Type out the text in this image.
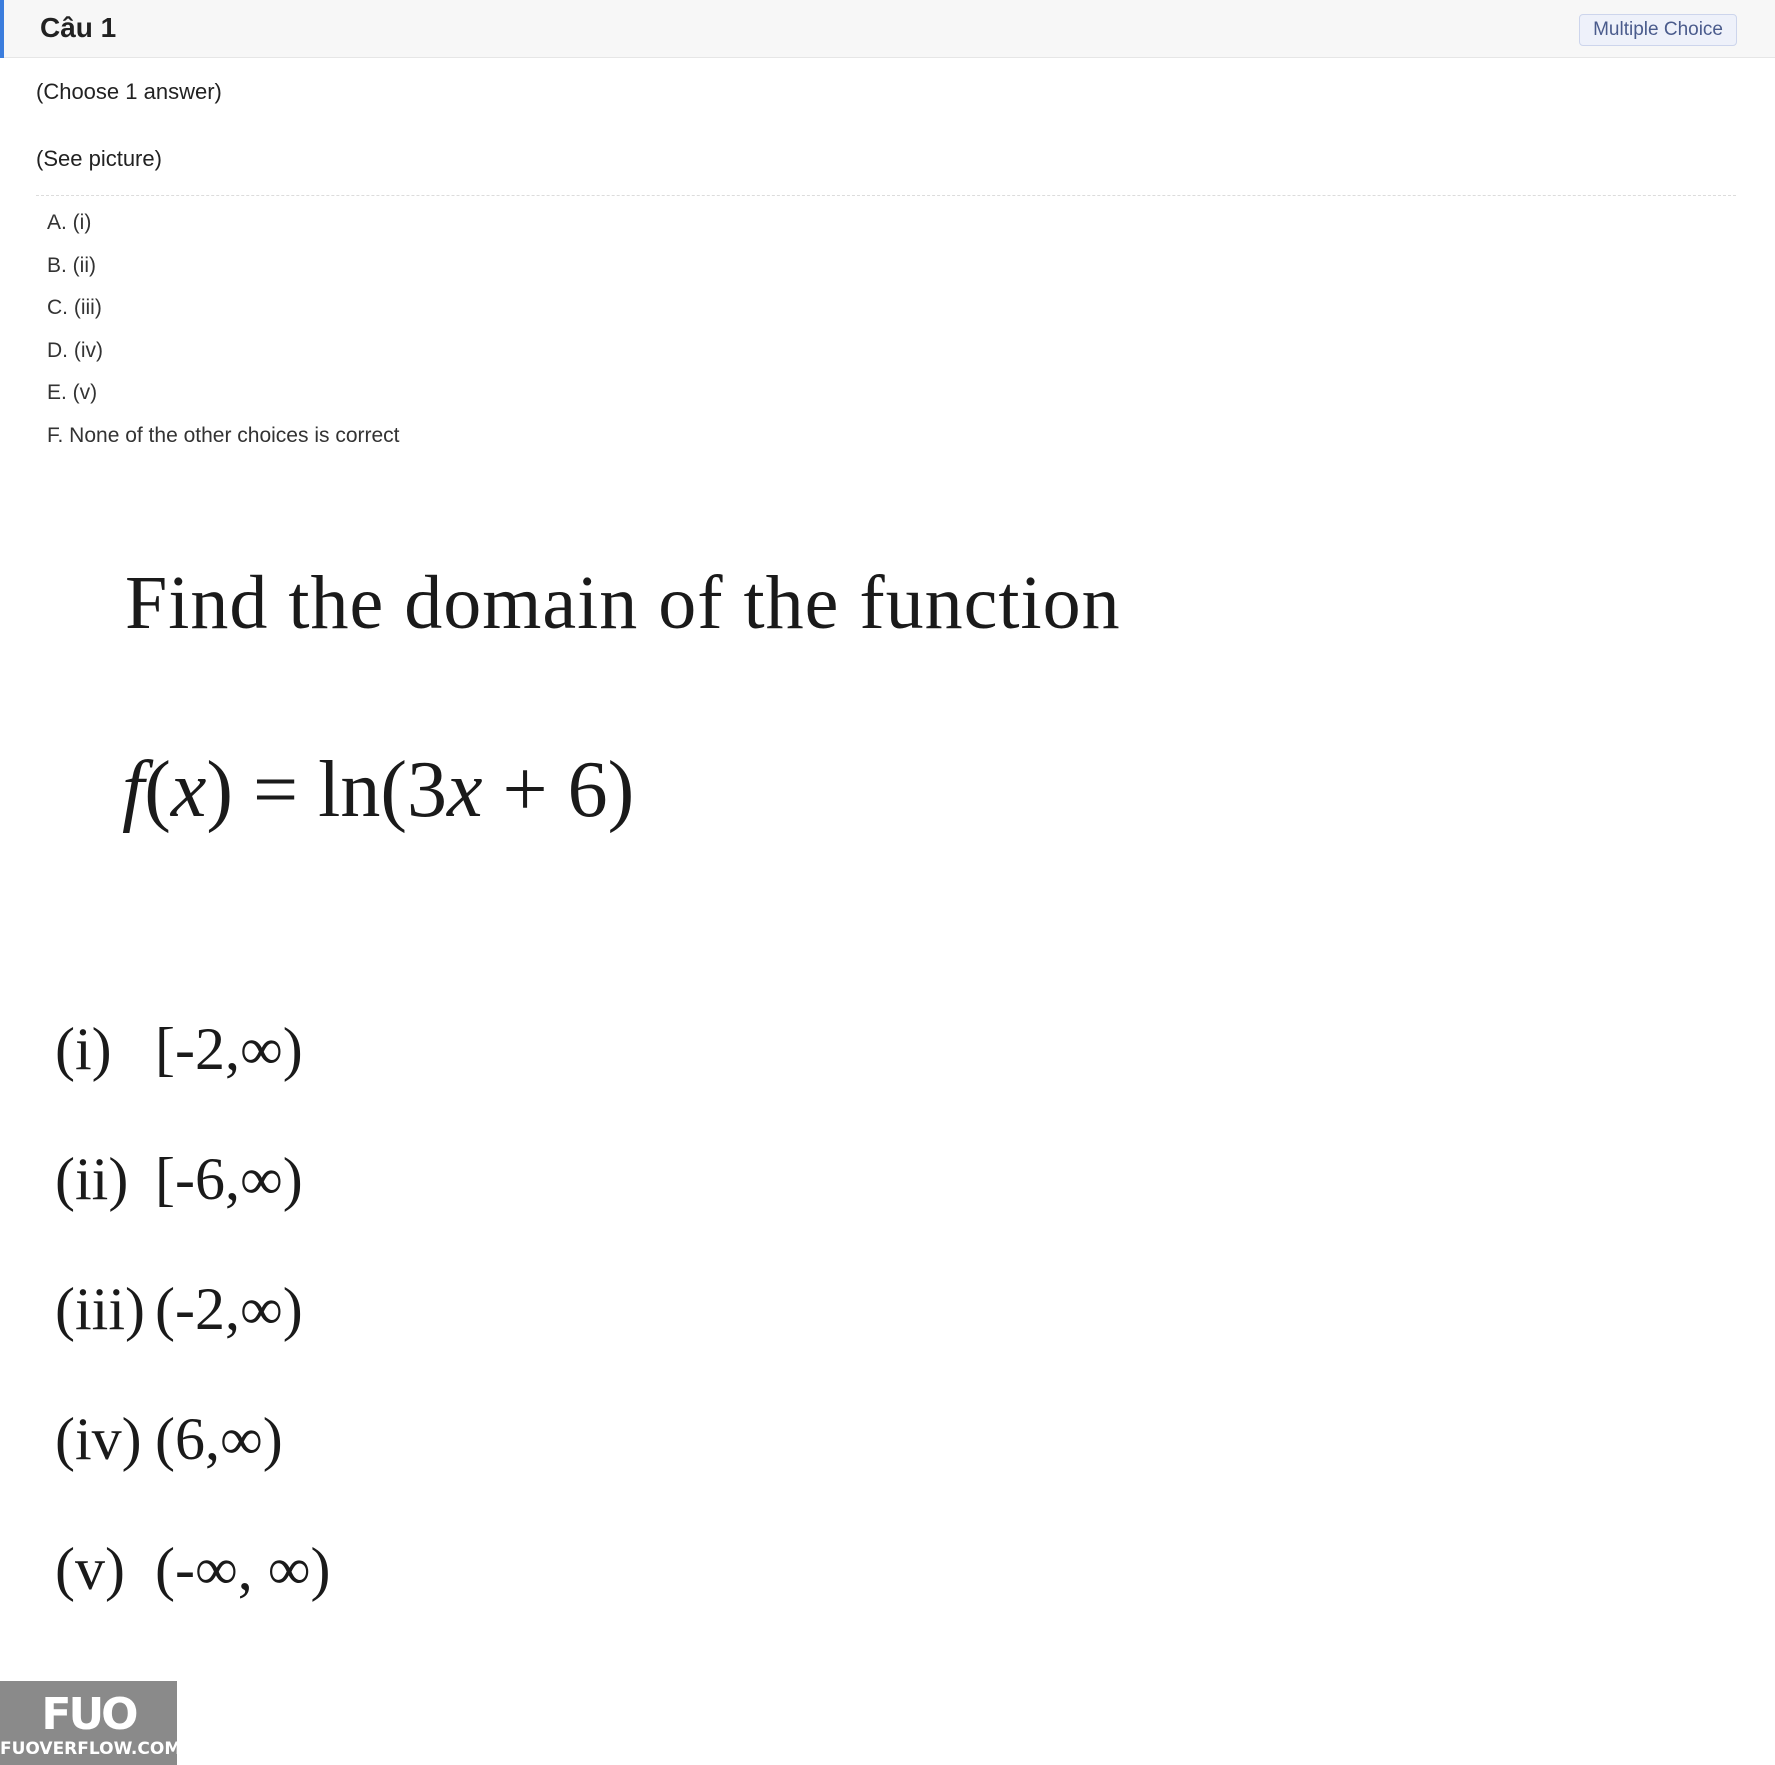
Câu 1	Multiple Choice
(Choose 1 answer)
(See picture)
A. (i)
B. (ii)
C. (iii)
D. (iv)
E. (v)
F. None of the other choices is correct
Find the domain of the function
f(x) = ln(3x + 6)
(i) [-2,∞)
(ii) [-6,∞)
(iii) (-2,∞)
(iv) (6,∞)
(v) (-∞, ∞)
FUO
FUOVERFLOW.COM
